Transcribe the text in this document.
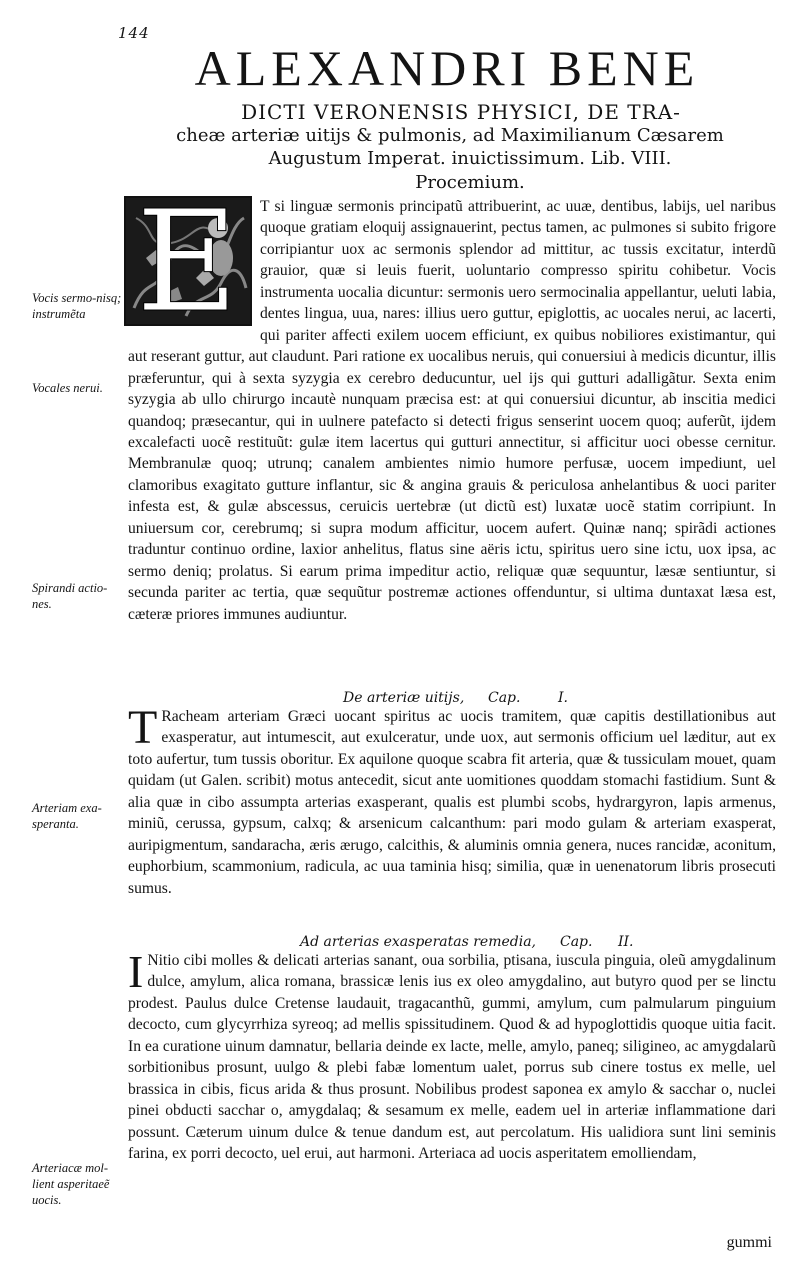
144
ALEXANDRI BENE
DICTI VERONENSIS PHYSICI, DE TRA-
cheæ arteriæ uitijs & pulmonis, ad Maximilianum Cæsarem
Augustum Imperat. inuictissimum. Lib. VIII.
Procemium.
E	T si linguæ sermonis principatũ attribuerint, ac uuæ, dentibus, labijs, uel naribus quoque gratiam eloquij assignauerint, pectus tamen, ac pulmones si subito frigore corripiantur uox ac sermonis splendor ad mittitur, ac tussis excitatur, interdũ grauior, quæ si leuis fuerit, uoluntario compresso spiritu cohibetur. Vocis instrumenta uocalia dicuntur: sermonis uero sermocinalia appellantur, ueluti labia, dentes lingua, uua, nares: illius uero guttur, epiglottis, ac uocales nerui, ac lacerti, qui pariter affecti exilem uocem efficiunt, ex quibus nobiliores existimantur, qui aut reserant guttur, aut claudunt. Pari ratione ex uocalibus neruis, qui conuersiui à medicis dicuntur, illis præferuntur, qui à sexta syzygia ex cerebro deducuntur, uel ijs qui gutturi adalligãtur. Sexta enim syzygia ab ullo chirurgo incautè nunquam præcisa est: at qui conuersiui dicuntur, ab inscitia medici quandoq; præsecantur, qui in uulnere patefacto si detecti frigus senserint uocem quoq; auferũt, ijdem excalefacti uocẽ restituũt: gulæ item lacertus qui gutturi annectitur, si afficitur uoci obesse cernitur. Membranulæ quoq; utrunq; canalem ambientes nimio humore perfusæ, uocem impediunt, uel clamoribus exagitato gutture inflantur, sic & angina grauis & periculosa anhelantibus & uoci pariter infesta est, & gulæ abscessus, ceruicis uertebræ (ut dictũ est) luxatæ uocẽ statim corripiunt. In uniuersum cor, cerebrumq; si supra modum afficitur, uocem aufert. Quinæ nanq; spirãdi actiones traduntur continuo ordine, laxior anhelitus, flatus sine aëris ictu, spiritus uero sine ictu, uox ipsa, ac sermo deniq; prolatus. Si earum prima impeditur actio, reliquæ quæ sequuntur, læsæ sentiuntur, si secunda pariter ac tertia, quæ sequũtur postremæ actiones offenduntur, si ultima duntaxat læsa est, cæteræ priores immunes audiuntur.

De arteriæ uitijs, Cap.	I.
T Racheam arteriam Græci uocant spiritus ac uocis tramitem, quæ capitis destillationibus aut exasperatur, aut intumescit, aut exulceratur, unde uox, aut sermonis officium uel læditur, aut ex toto aufertur, tum tussis oboritur. Ex aquilone quoque scabra fit arteria, quæ & tussiculam mouet, quam quidam (ut Galen. scribit) motus antecedit, sicut ante uomitiones quoddam stomachi fastidium. Sunt & alia quæ in cibo assumpta arterias exasperant, qualis est plumbi scobs, hydrargyron, lapis armenus, miniũ, cerussa, gypsum, calxq; & arsenicum calcanthum: pari modo gulam & arteriam exasperat, auripigmentum, sandaracha, æris ærugo, calcithis, & aluminis omnia genera, nuces rancidæ, aconitum, euphorbium, scammonium, radicula, ac uua taminia hisq; similia, quæ in uenenatorum libris prosecuti sumus.

Ad arterias exasperatas remedia, Cap. II.
I Nitio cibi molles & delicati arterias sanant, oua sorbilia, ptisana, iuscula pinguia, oleũ amygdalinum dulce, amylum, alica romana, brassicæ lenis ius ex oleo amygdalino, aut butyro quod per se linctu prodest. Paulus dulce Cretense laudauit, tragacanthũ, gummi, amylum, cum palmularum pinguium decocto, cum glycyrrhiza syreoq; ad mellis spissitudinem. Quod & ad hypoglottidis quoque uitia facit. In ea curatione uinum damnatur, bellaria deinde ex lacte, melle, amylo, paneq; siligineo, ac amygdalarũ sorbitionibus prosunt, uulgo & plebi fabæ lomentum ualet, porrus sub cinere tostus ex melle, uel brassica in cibis, ficus arida & thus prosunt. Nobilibus prodest saponea ex amylo & sacchar o, nuclei pinei obducti sacchar o, amygdalaq; & sesamum ex melle, eadem uel in arteriæ inflammatione dari possunt. Cæterum uinum dulce & tenue dandum est, aut percolatum. His ualidiora sunt lini seminis farina, ex porri decocto, uel erui, aut harmoni. Arteriaca ad uocis asperitatem emolliendam,

gummi
Vocis sermo-nisq; instrumẽta
Vocales nerui.
Spirandi actio-nes.
Arteriam exa-speranta.
Arteriacæ mol-lient asperitaeẽ uocis.
